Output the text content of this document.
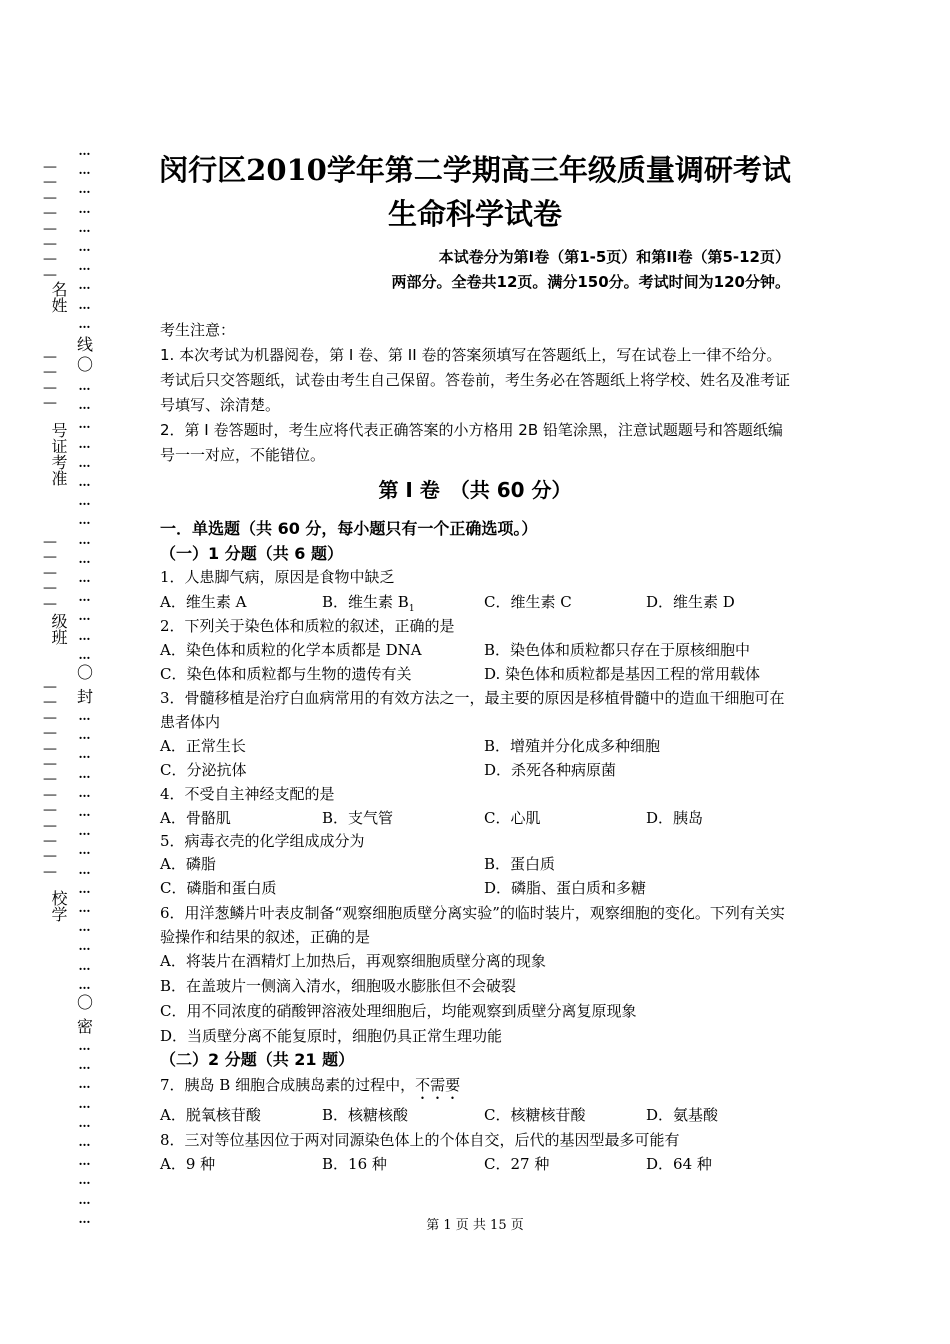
…
…
…
…
…
…
…
…
…
…
线
〇
…
…
…
…
…
…
…
…
…
…
…
…
…
…
…
〇
封
…
…
…
…
…
…
…
…
…
…
…
…
…
…
…
〇
密
…
…
…
…
…
…
…
…
…
…
—
—
—
—
—
—
—
—
名姓
—
—
—
—
号证考准
—
—
—
—
—
级班
—
—
—
—
—
—
—
—
—
—
—
—
—
校学
闵行区2010学年第二学期高三年级质量调研考试
生命科学试卷
本试卷分为第I卷（第1-5页）和第II卷（第5-12页）
两部分。全卷共12页。满分150分。考试时间为120分钟。
考生注意：
1. 本次考试为机器阅卷，第 I 卷、第 II 卷的答案须填写在答题纸上，写在试卷上一律不给分。考试后只交答题纸，试卷由考生自己保留。答卷前，考生务必在答题纸上将学校、姓名及准考证号填写、涂清楚。
2．第 I 卷答题时，考生应将代表正确答案的小方格用 2B 铅笔涂黑，注意试题题号和答题纸编号一一对应，不能错位。
第 I 卷　（共 60 分）
一．单选题（共 60 分，每小题只有一个正确选项。）
（一）1 分题（共 6 题）
1．人患脚气病，原因是食物中缺乏
A．维生素 A	B．维生素 $B_1$	C．维生素 C	D．维生素 D
2．下列关于染色体和质粒的叙述，正确的是
A．染色体和质粒的化学本质都是 DNA	B．染色体和质粒都只存在于原核细胞中
C．染色体和质粒都与生物的遗传有关	D. 染色体和质粒都是基因工程的常用载体
3．骨髓移植是治疗白血病常用的有效方法之一，最主要的原因是移植骨髓中的造血干细胞可在患者体内
A．正常生长	B．增殖并分化成多种细胞
C．分泌抗体	D．杀死各种病原菌
4．不受自主神经支配的是
A．骨骼肌	B．支气管	C．心肌	D．胰岛
5．病毒衣壳的化学组成成分为
A．磷脂	B．蛋白质
C．磷脂和蛋白质	D．磷脂、蛋白质和多糖
6．用洋葱鳞片叶表皮制备“观察细胞质壁分离实验”的临时装片，观察细胞的变化。下列有关实验操作和结果的叙述，正确的是
A．将装片在酒精灯上加热后，再观察细胞质壁分离的现象
B．在盖玻片一侧滴入清水，细胞吸水膨胀但不会破裂
C．用不同浓度的硝酸钾溶液处理细胞后，均能观察到质壁分离复原现象
D．当质壁分离不能复原时，细胞仍具正常生理功能
（二）2 分题（共 21 题）
7．胰岛 B 细胞合成胰岛素的过程中，不需要
A．脱氧核苷酸	B．核糖核酸	C．核糖核苷酸	D．氨基酸
8．三对等位基因位于两对同源染色体上的个体自交，后代的基因型最多可能有
A．9 种	B．16 种	C．27 种	D．64 种
第 1 页 共 15 页
